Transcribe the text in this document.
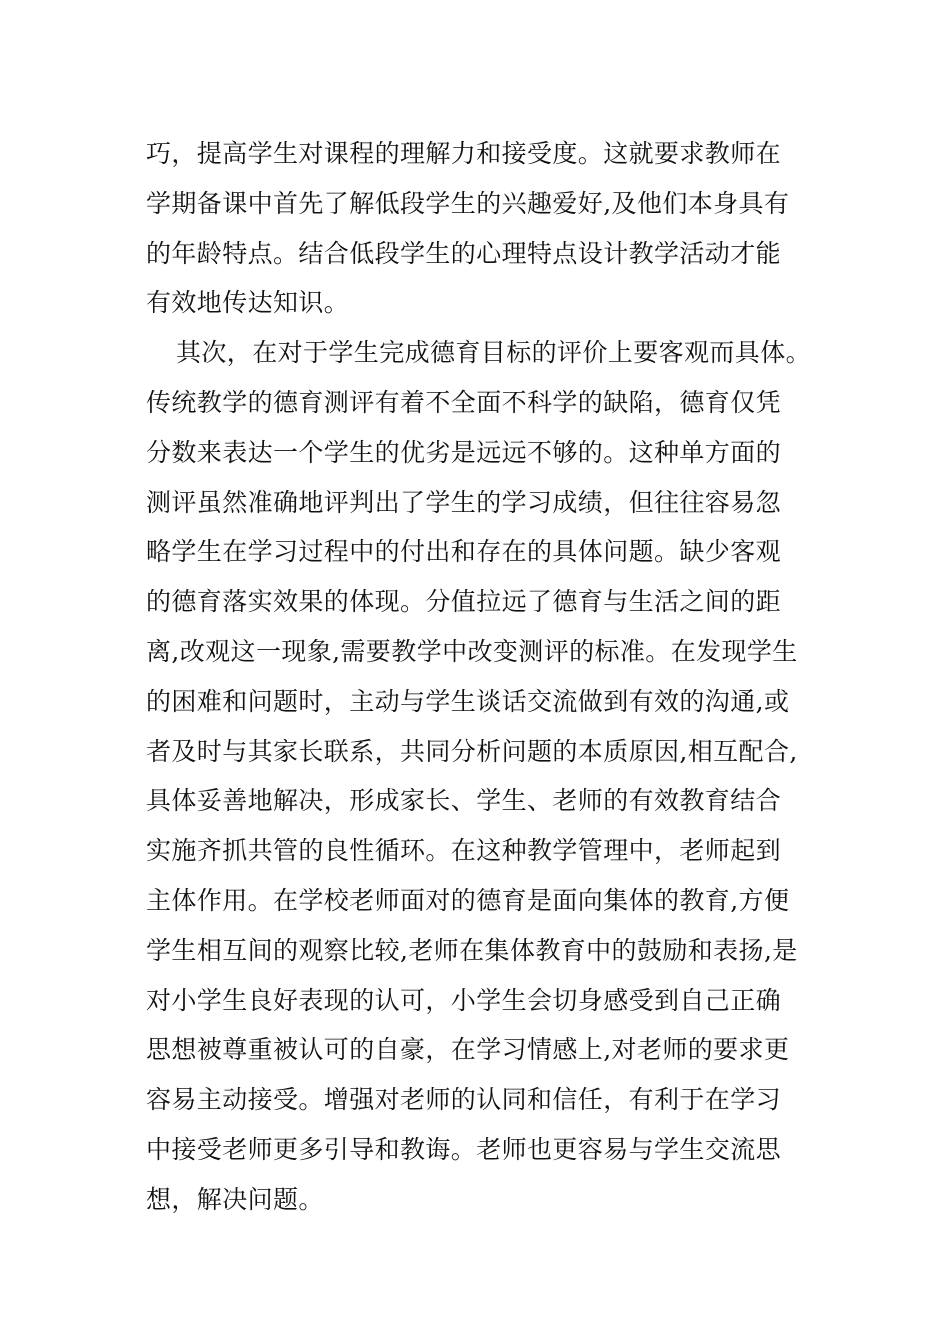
巧，提高学生对课程的理解力和接受度。这就要求教师在
学期备课中首先了解低段学生的兴趣爱好,及他们本身具有
的年龄特点。结合低段学生的心理特点设计教学活动才能
有效地传达知识。
其次，在对于学生完成德育目标的评价上要客观而具体。
传统教学的德育测评有着不全面不科学的缺陷，德育仅凭
分数来表达一个学生的优劣是远远不够的。这种单方面的
测评虽然准确地评判出了学生的学习成绩，但往往容易忽
略学生在学习过程中的付出和存在的具体问题。缺少客观
的德育落实效果的体现。分值拉远了德育与生活之间的距
离,改观这一现象,需要教学中改变测评的标准。在发现学生
的困难和问题时，主动与学生谈话交流做到有效的沟通,或
者及时与其家长联系，共同分析问题的本质原因,相互配合,
具体妥善地解决，形成家长、学生、老师的有效教育结合
实施齐抓共管的良性循环。在这种教学管理中，老师起到
主体作用。在学校老师面对的德育是面向集体的教育,方便
学生相互间的观察比较,老师在集体教育中的鼓励和表扬,是
对小学生良好表现的认可，小学生会切身感受到自己正确
思想被尊重被认可的自豪，在学习情感上,对老师的要求更
容易主动接受。增强对老师的认同和信任，有利于在学习
中接受老师更多引导和教诲。老师也更容易与学生交流思
想，解决问题。
